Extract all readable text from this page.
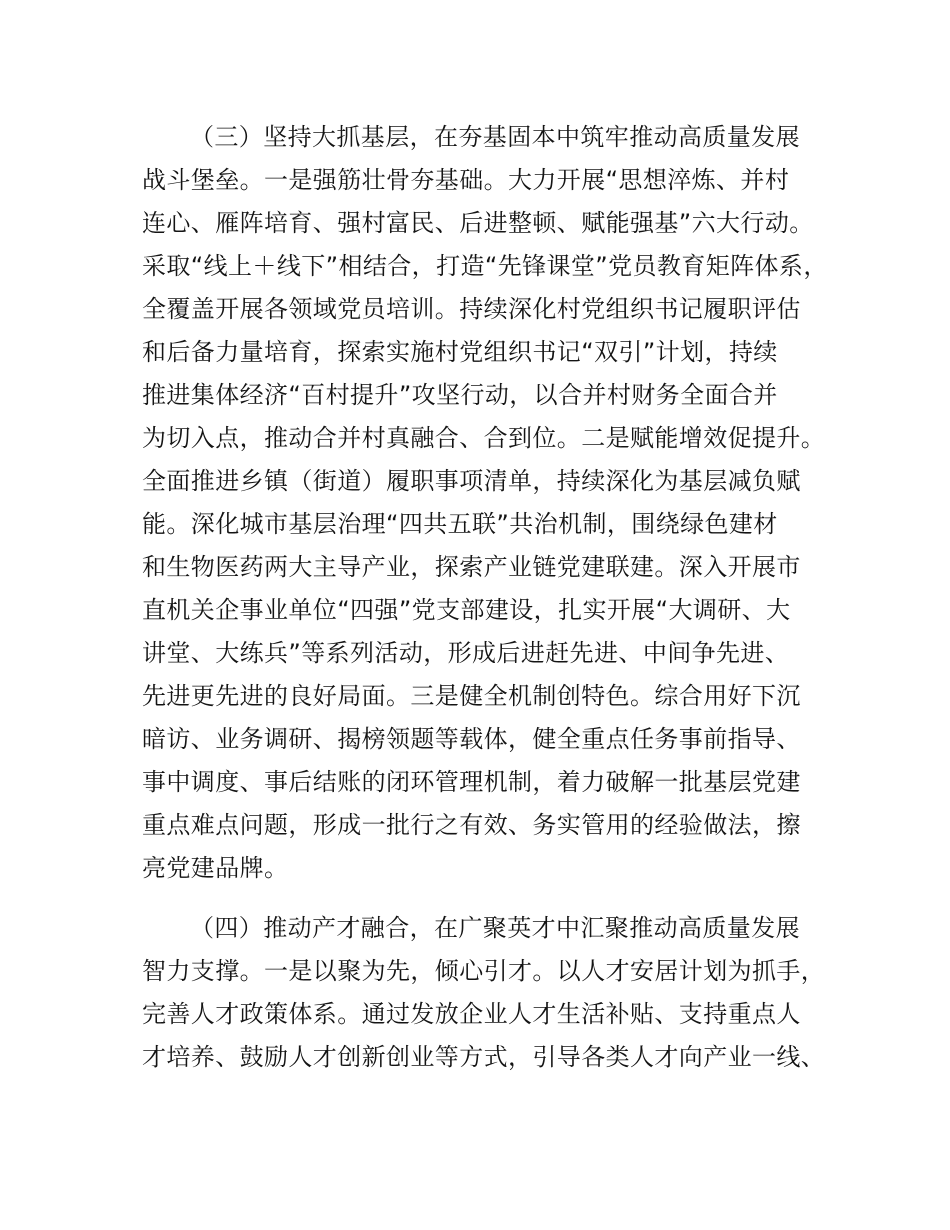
（三）坚持大抓基层，在夯基固本中筑牢推动高质量发展
战斗堡垒。一是强筋壮骨夯基础。大力开展“思想淬炼、并村
连心、雁阵培育、强村富民、后进整顿、赋能强基”六大行动。
采取“线上＋线下”相结合，打造“先锋课堂”党员教育矩阵体系，
全覆盖开展各领域党员培训。持续深化村党组织书记履职评估
和后备力量培育，探索实施村党组织书记“双引”计划，持续
推进集体经济“百村提升”攻坚行动，以合并村财务全面合并
为切入点，推动合并村真融合、合到位。二是赋能增效促提升。
全面推进乡镇（街道）履职事项清单，持续深化为基层减负赋
能。深化城市基层治理“四共五联”共治机制，围绕绿色建材
和生物医药两大主导产业，探索产业链党建联建。深入开展市
直机关企事业单位“四强”党支部建设，扎实开展“大调研、大
讲堂、大练兵”等系列活动，形成后进赶先进、中间争先进、
先进更先进的良好局面。三是健全机制创特色。综合用好下沉
暗访、业务调研、揭榜领题等载体，健全重点任务事前指导、
事中调度、事后结账的闭环管理机制，着力破解一批基层党建
重点难点问题，形成一批行之有效、务实管用的经验做法，擦
亮党建品牌。
（四）推动产才融合，在广聚英才中汇聚推动高质量发展
智力支撑。一是以聚为先，倾心引才。以人才安居计划为抓手，
完善人才政策体系。通过发放企业人才生活补贴、支持重点人
才培养、鼓励人才创新创业等方式，引导各类人才向产业一线、
